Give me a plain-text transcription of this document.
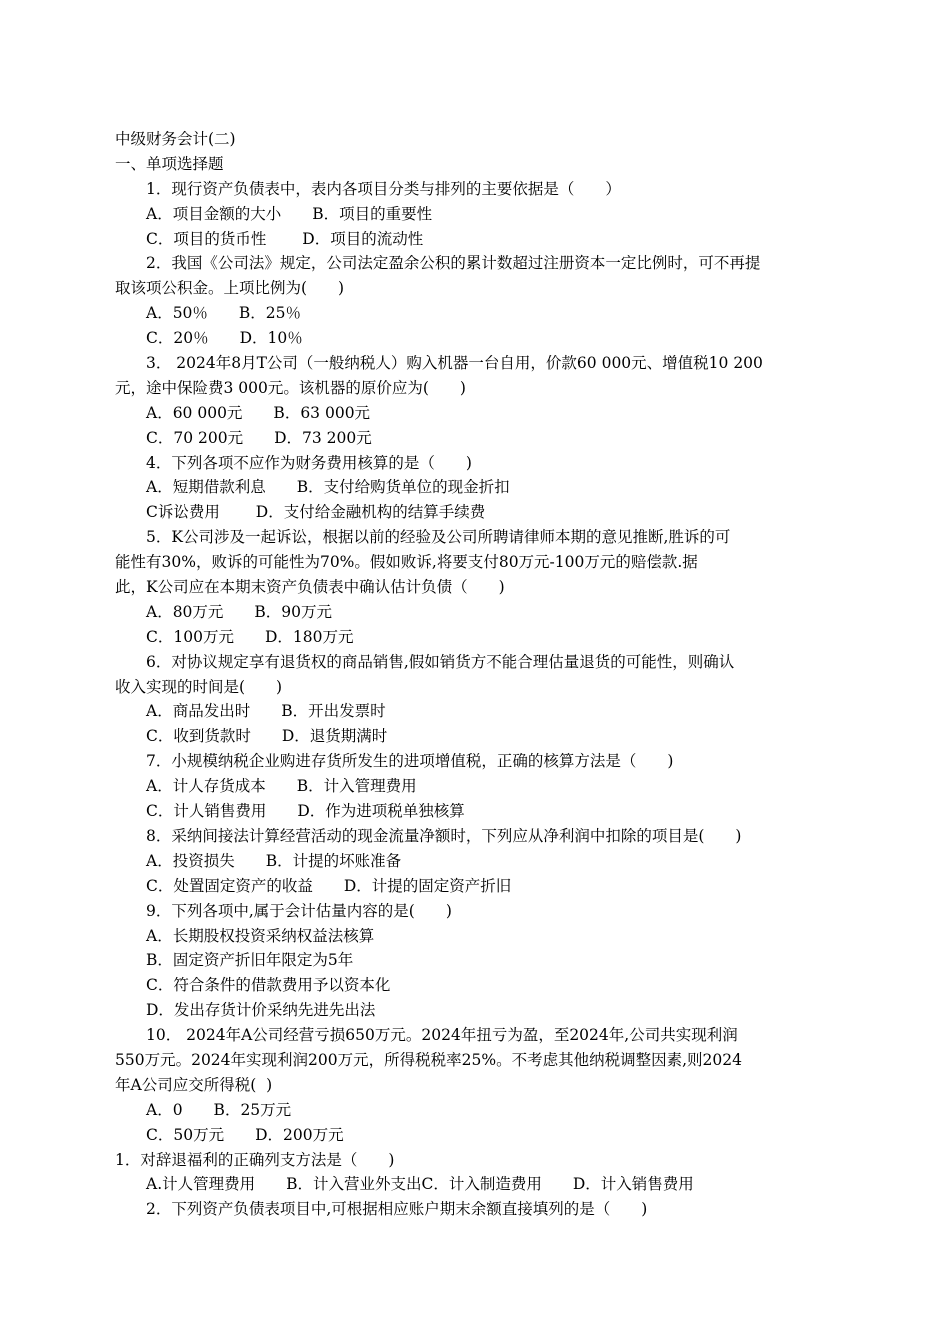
中级财务会计(二)
一、单项选择题
1．现行资产负债表中，表内各项目分类与排列的主要依据是（　　）
A．项目金额的大小　　B．项目的重要性
C．项目的货币性　　 D．项目的流动性
2．我国《公司法》规定，公司法定盈余公积的累计数超过注册资本一定比例时，可不再提
取该项公积金。上项比例为(　　)
A．50％　　B．25％
C．20％　　D．10％
3． 2024年8月T公司（一般纳税人）购入机器一台自用，价款60 000元、增值税10 200
元，途中保险费3 000元。该机器的原价应为(　　)
A．60 000元　　B．63 000元
C．70 200元　　D．73 200元
4．下列各项不应作为财务费用核算的是（　　)
A．短期借款利息　　B．支付给购货单位的现金折扣
C诉讼费用　　 D．支付给金融机构的结算手续费
5．K公司涉及一起诉讼，根据以前的经验及公司所聘请律师本期的意见推断,胜诉的可
能性有30%，败诉的可能性为70%。假如败诉,将要支付80万元-100万元的赔偿款.据
此，K公司应在本期末资产负债表中确认估计负债（　　)
A．80万元　　B．90万元
C．100万元　　D．180万元
6．对协议规定享有退货权的商品销售,假如销货方不能合理估量退货的可能性，则确认
收入实现的时间是(　　)
A．商品发出时　　B．开出发票时
C．收到货款时　　D．退货期满时
7．小规模纳税企业购进存货所发生的进项增值税，正确的核算方法是（　　)
A．计人存货成本　　B．计入管理费用
C．计人销售费用　　D．作为进项税单独核算
8．采纳间接法计算经营活动的现金流量净额时，下列应从净利润中扣除的项目是(　　)
A．投资损失　　B．计提的坏账准备
C．处置固定资产的收益　　D．计提的固定资产折旧
9．下列各项中,属于会计估量内容的是(　　)
A．长期股权投资采纳权益法核算
B．固定资产折旧年限定为5年
C．符合条件的借款费用予以资本化
D．发出存货计价采纳先进先出法
10． 2024年A公司经营亏损650万元。2024年扭亏为盈，至2024年,公司共实现利润
550万元。2024年实现利润200万元，所得税税率25%。不考虑其他纳税调整因素,则2024
年A公司应交所得税(  )
A．0　　B．25万元
C．50万元　　D．200万元
1．对辞退福利的正确列支方法是（　　)
A.计人管理费用　　B．计入营业外支出C．计入制造费用　　D．计入销售费用
2．下列资产负债表项目中,可根据相应账户期末余额直接填列的是（　　)
